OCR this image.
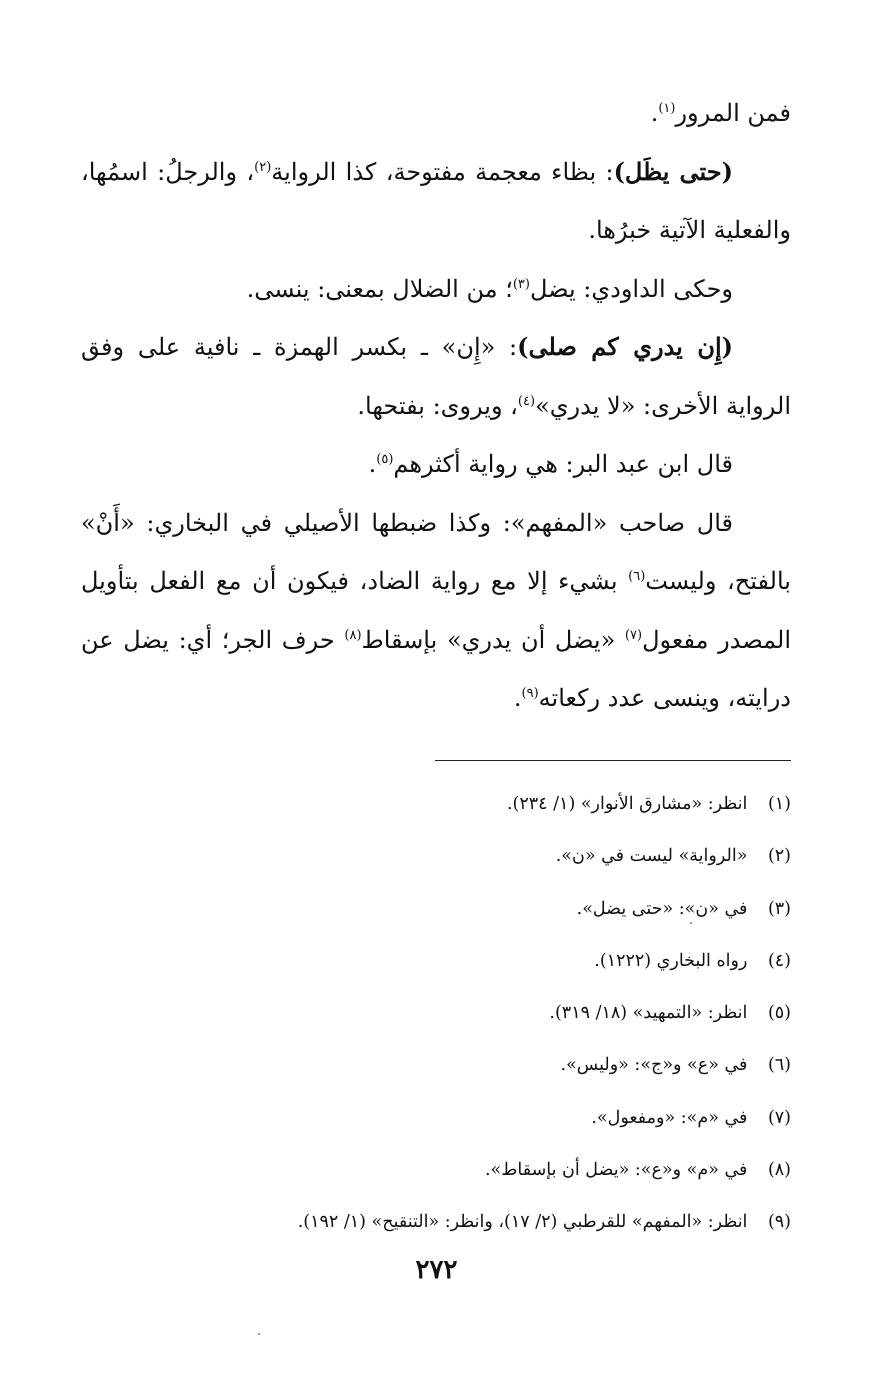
فمن المرور$^{(١)}$.

(حتى يظَل): بظاء معجمة مفتوحة، كذا الرواية$^{(٢)}$، والرجلُ: اسمُها، والفعلية الآتية خبرُها.

وحكى الداودي: يضل$^{(٣)}$؛ من الضلال بمعنى: ينسى.

(إِن يدري كم صلى): «إِن» ـ بكسر الهمزة ـ نافية على وفق الرواية الأخرى: «لا يدري»$^{(٤)}$، ويروى: بفتحها.

قال ابن عبد البر: هي رواية أكثرهم$^{(٥)}$.

قال صاحب «المفهم»: وكذا ضبطها الأصيلي في البخاري: «أَنْ» بالفتح، وليست$^{(٦)}$ بشيء إلا مع رواية الضاد، فيكون أن مع الفعل بتأويل المصدر مفعول$^{(٧)}$ «يضل أن يدري» بإسقاط$^{(٨)}$ حرف الجر؛ أي: يضل عن درايته، وينسى عدد ركعاته$^{(٩)}$.

(١) انظر: «مشارق الأنوار» (١/ ٢٣٤).
(٢) «الرواية» ليست في «ن».
(٣) في «ن»: «حتى يضل».
(٤) رواه البخاري (١٢٢٢).
(٥) انظر: «التمهيد» (١٨/ ٣١٩).
(٦) في «ع» و«ج»: «وليس».
(٧) في «م»: «ومفعول».
(٨) في «م» و«ع»: «يضل أن بإسقاط».
(٩) انظر: «المفهم» للقرطبي (٢/ ١٧)، وانظر: «التنقيح» (١/ ١٩٢).
٢٧٢
